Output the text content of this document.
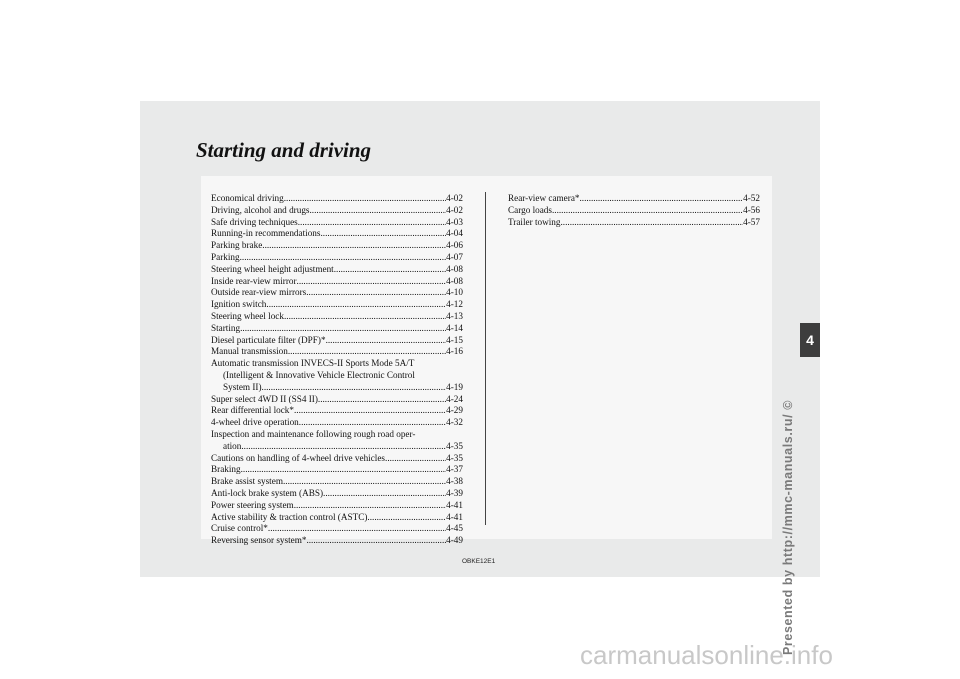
Starting and driving
Economical driving .....	4-02
Driving, alcohol and drugs .....	4-02
Safe driving techniques .....	4-03
Running-in recommendations .....	4-04
Parking brake .....	4-06
Parking .....	4-07
Steering wheel height adjustment .....	4-08
Inside rear-view mirror .....	4-08
Outside rear-view mirrors .....	4-10
Ignition switch .....	4-12
Steering wheel lock .....	4-13
Starting .....	4-14
Diesel particulate filter (DPF)* .....	4-15
Manual transmission .....	4-16
Automatic transmission INVECS-II Sports Mode 5A/T
(Intelligent & Innovative Vehicle Electronic Control
System II) .....	4-19
Super select 4WD II (SS4 II) .....	4-24
Rear differential lock* .....	4-29
4-wheel drive operation .....	4-32
Inspection and maintenance following rough road oper-
ation .....	4-35
Cautions on handling of 4-wheel drive vehicles .....	4-35
Braking .....	4-37
Brake assist system .....	4-38
Anti-lock brake system (ABS) .....	4-39
Power steering system .....	4-41
Active stability & traction control (ASTC) .....	4-41
Cruise control* .....	4-45
Reversing sensor system* .....	4-49
Rear-view camera* .....	4-52
Cargo loads .....	4-56
Trailer towing .....	4-57
OBKE12E1
4
Presented by http://mmc-manuals.ru/ ©
carmanualsonline.info
